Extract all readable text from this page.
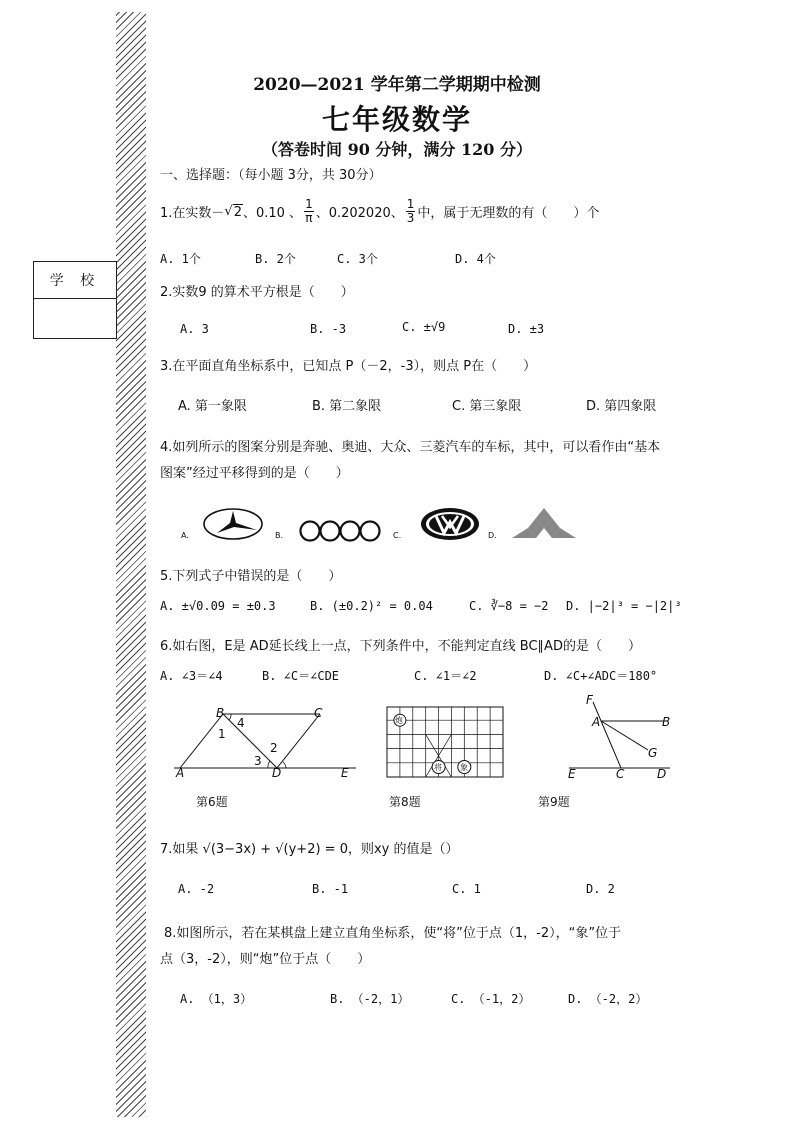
学 校
2020—2021 学年第二学期期中检测
七年级数学
（答卷时间 90 分钟，满分 120 分）
一、选择题：（每小题 3分，共 30分）
1.在实数－ √ 2 、0.10 、 $\frac{1}{\pi}$ 、0.202020、 $\frac{1}{3}$ 中，属于无理数的有（　　）个
A. 1个	B. 2个	C. 3个	D. 4个
2.实数9 的算术平方根是（　　）
A. 3	B. -3	C. ±√9	D. ±3
3.在平面直角坐标系中，已知点 P（－2，-3），则点 P在（　　）
A. 第一象限	B. 第二象限	C. 第三象限	D. 第四象限
4.如列所示的图案分别是奔驰、奥迪、大众、三菱汽车的车标，其中，可以看作由“基本
图案”经过平移得到的是（　　）
A.	B.	C.	D.
5.下列式子中错误的是（　　）
A. ±√0.09 = ±0.3	B. (±0.2)² = 0.04	C. ∛−8 = −2 D. |−2|³ = −|2|³
6.如右图，E是 AD延长线上一点，下列条件中，不能判定直线 BC∥AD的是（　　）
A. ∠3＝∠4	B. ∠C＝∠CDE	C. ∠1＝∠2	D. ∠C+∠ADC＝180°
B	C
4
1
2
3
A	D	E
第6题
炮
将 象
第8题
F
A	B
G
E	C	D
第9题
7.如果 √(3−3x) + √(y+2) = 0，则xy 的值是（）
A. -2	B. -1	C. 1	D. 2
8.如图所示，若在某棋盘上建立直角坐标系，使“将”位于点（1，-2），“象”位于
点（3，-2），则“炮”位于点（　　）
A. （1，3）	B. （-2，1）	C. （-1，2）	D. （-2，2）
